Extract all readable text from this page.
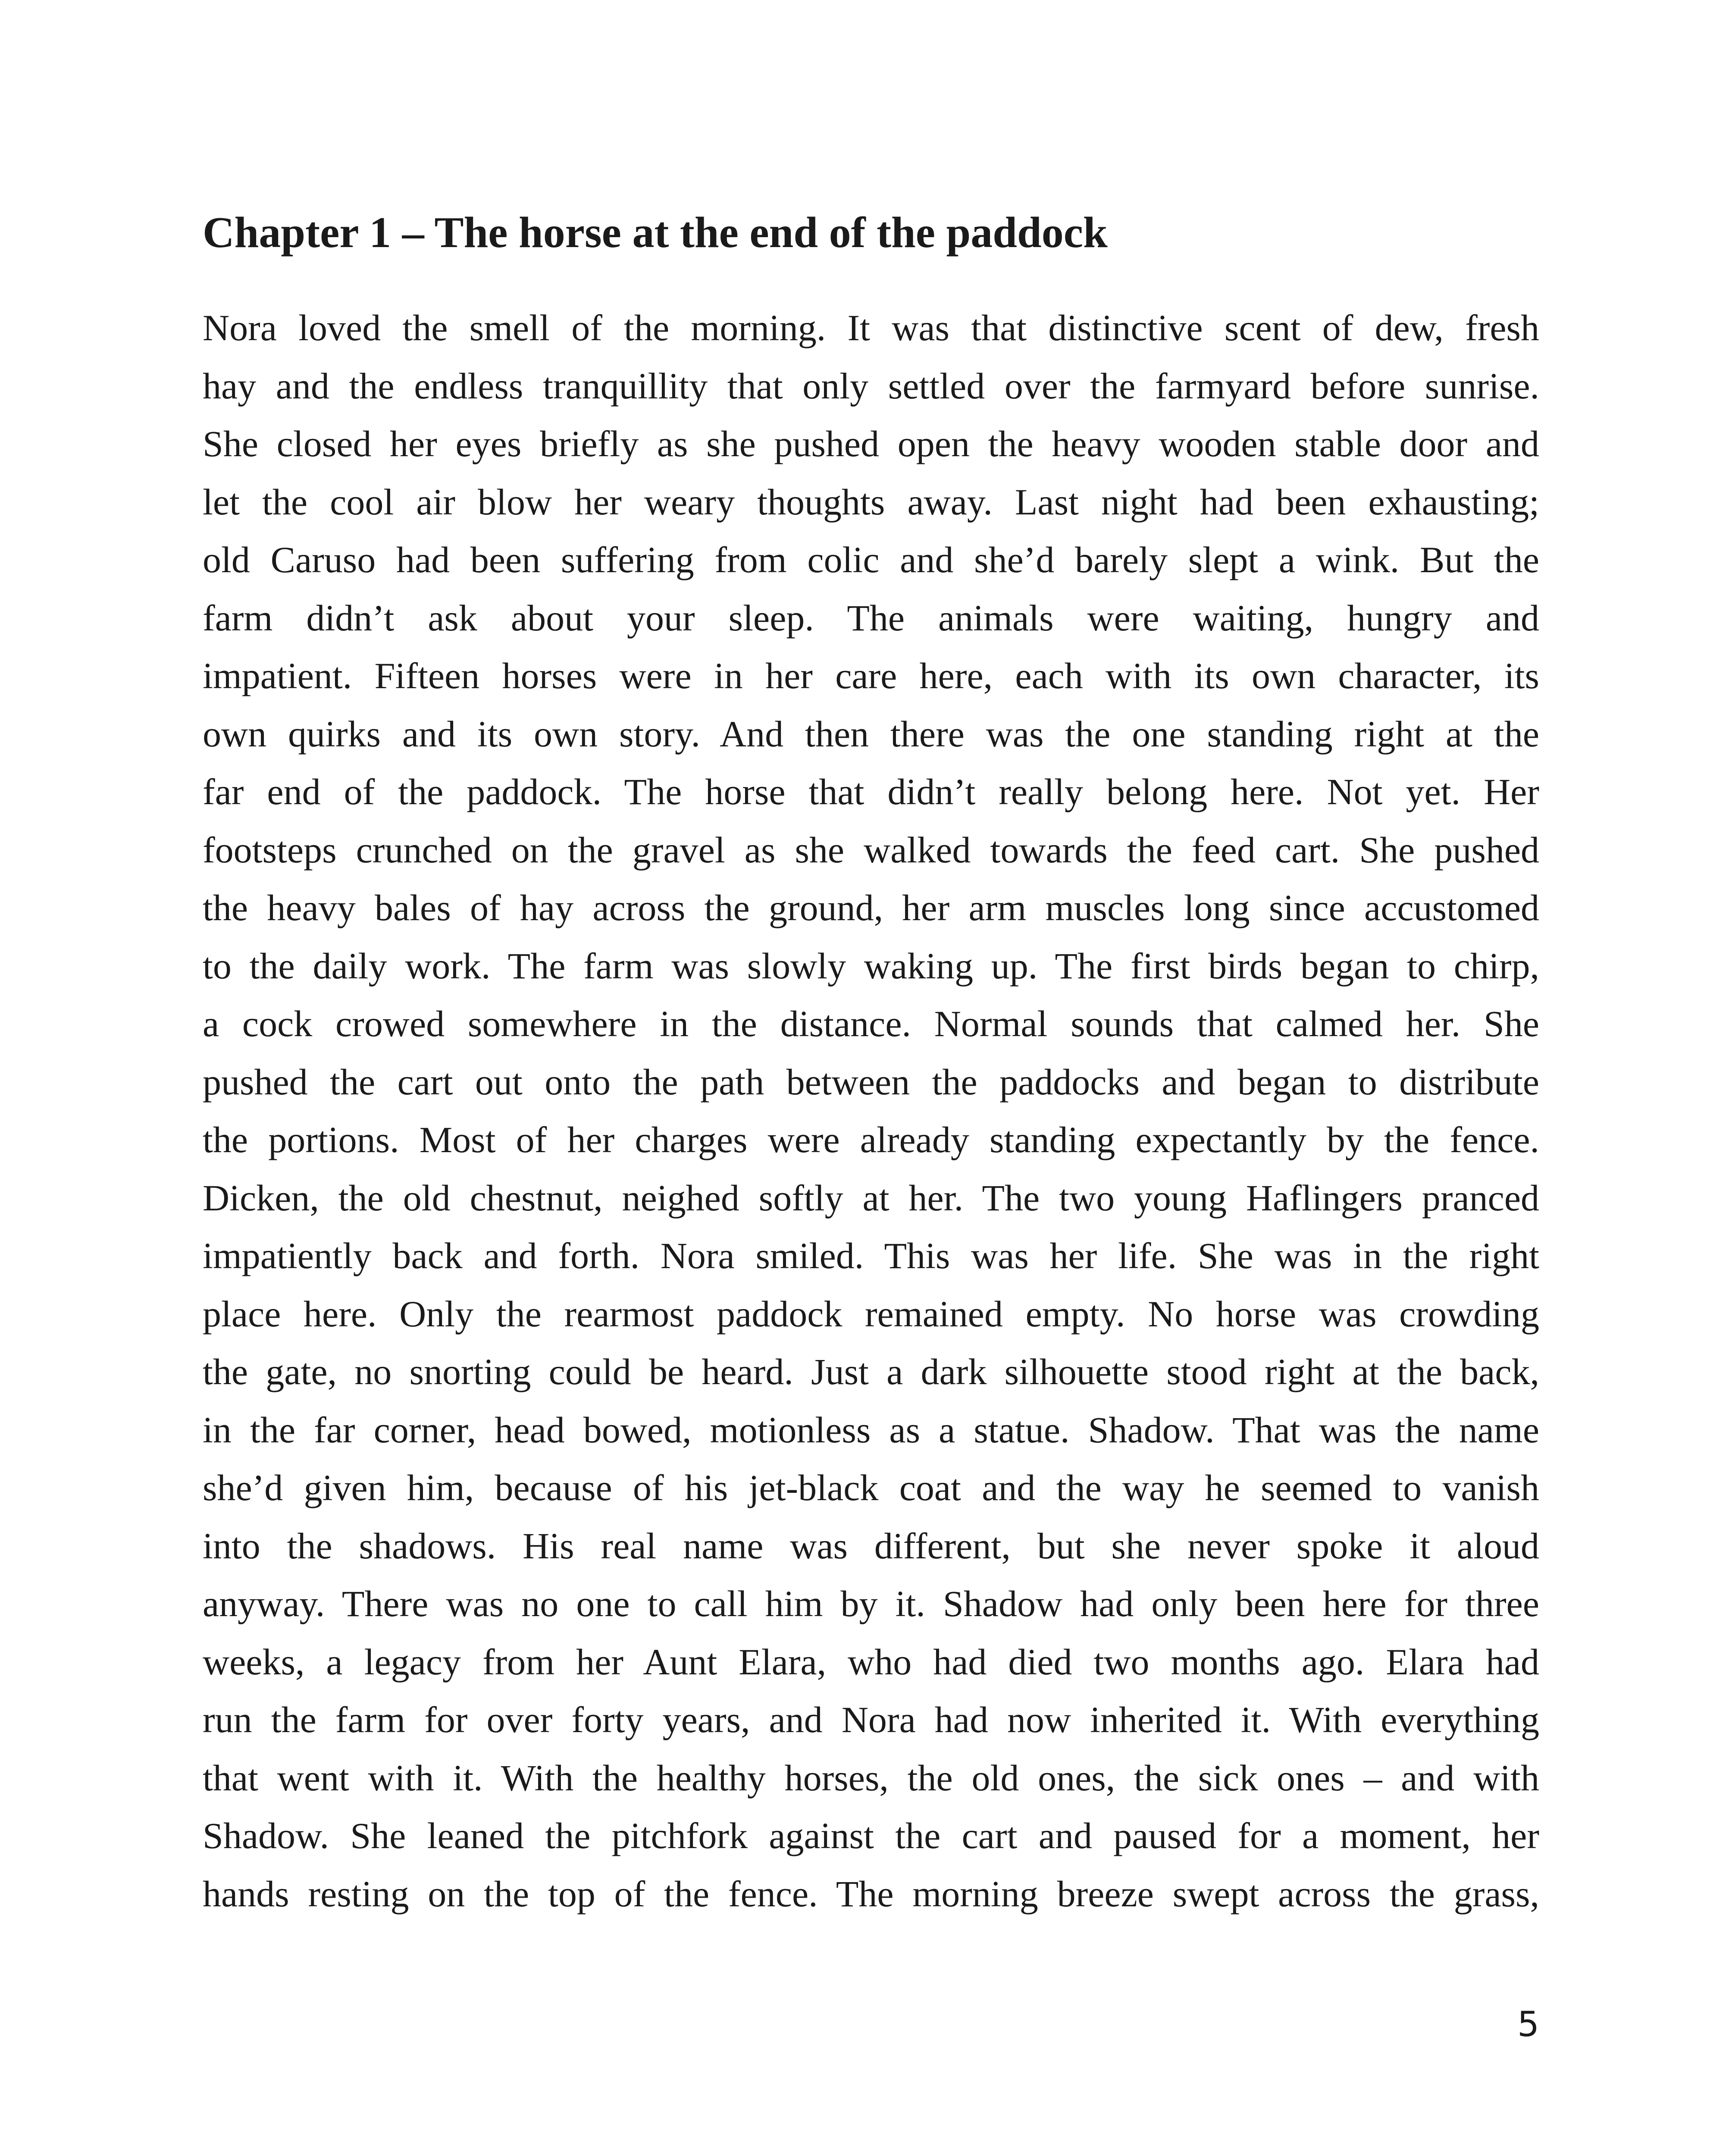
Chapter 1 – The horse at the end of the paddock
Nora loved the smell of the morning. It was that distinctive scent of dew, fresh
hay and the endless tranquillity that only settled over the farmyard before sunrise.
She closed her eyes briefly as she pushed open the heavy wooden stable door and
let the cool air blow her weary thoughts away. Last night had been exhausting;
old Caruso had been suffering from colic and she’d barely slept a wink. But the
farm didn’t ask about your sleep. The animals were waiting, hungry and
impatient. Fifteen horses were in her care here, each with its own character, its
own quirks and its own story. And then there was the one standing right at the
far end of the paddock. The horse that didn’t really belong here. Not yet. Her
footsteps crunched on the gravel as she walked towards the feed cart. She pushed
the heavy bales of hay across the ground, her arm muscles long since accustomed
to the daily work. The farm was slowly waking up. The first birds began to chirp,
a cock crowed somewhere in the distance. Normal sounds that calmed her. She
pushed the cart out onto the path between the paddocks and began to distribute
the portions. Most of her charges were already standing expectantly by the fence.
Dicken, the old chestnut, neighed softly at her. The two young Haflingers pranced
impatiently back and forth. Nora smiled. This was her life. She was in the right
place here. Only the rearmost paddock remained empty. No horse was crowding
the gate, no snorting could be heard. Just a dark silhouette stood right at the back,
in the far corner, head bowed, motionless as a statue. Shadow. That was the name
she’d given him, because of his jet-black coat and the way he seemed to vanish
into the shadows. His real name was different, but she never spoke it aloud
anyway. There was no one to call him by it. Shadow had only been here for three
weeks, a legacy from her Aunt Elara, who had died two months ago. Elara had
run the farm for over forty years, and Nora had now inherited it. With everything
that went with it. With the healthy horses, the old ones, the sick ones – and with
Shadow. She leaned the pitchfork against the cart and paused for a moment, her
hands resting on the top of the fence. The morning breeze swept across the grass,
5
